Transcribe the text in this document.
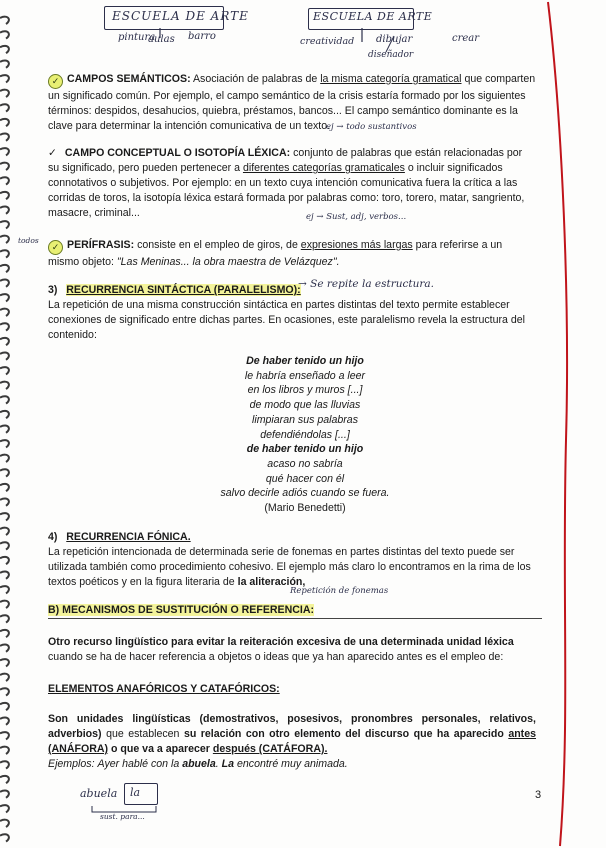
ESCUELA DE ARTE	ESCUELA DE ARTE
pintura
aulas barro	creatividad dibujar	crear
diseñador
✓ CAMPOS SEMÁNTICOS: Asociación de palabras de la misma categoría gramatical que comparten un significado común. Por ejemplo, el campo semántico de la crisis estaría formado por los siguientes términos: despidos, desahucios, quiebra, préstamos, bancos... El campo semántico dominante es la clave para determinar la intención comunicativa de un texto.
ej → todo sustantivos
✓ CAMPO CONCEPTUAL O ISOTOPÍA LÉXICA: conjunto de palabras que están relacionadas por su significado, pero pueden pertenecer a diferentes categorías gramaticales o incluir significados connotativos o subjetivos. Por ejemplo: en un texto cuya intención comunicativa fuera la crítica a las corridas de toros, la isotopía léxica estará formada por palabras como: toro, torero, matar, sangriento, masacre, criminal...	ej → Sust, adj, verbos...
todos
✓ PERÍFRASIS: consiste en el empleo de giros, de expresiones más largas para referirse a un mismo objeto: "Las Meninas... la obra maestra de Velázquez".
3) RECURRENCIA SINTÁCTICA (PARALELISMO):
→ Se repite la estructura.
La repetición de una misma construcción sintáctica en partes distintas del texto permite establecer conexiones de significado entre dichas partes. En ocasiones, este paralelismo revela la estructura del contenido:
De haber tenido un hijo
le habría enseñado a leer
en los libros y muros [...]
de modo que las lluvias
limpiaran sus palabras
defendiéndolas [...]
de haber tenido un hijo
acaso no sabría
qué hacer con él
salvo decirle adiós cuando se fuera.
(Mario Benedetti)
4) RECURRENCIA FÓNICA.
La repetición intencionada de determinada serie de fonemas en partes distintas del texto puede ser utilizada también como procedimiento cohesivo. El ejemplo más claro lo encontramos en la rima de los textos poéticos y en la figura literaria de la aliteración,
Repetición de fonemas
B) MECANISMOS DE SUSTITUCIÓN O REFERENCIA:
Otro recurso lingüístico para evitar la reiteración excesiva de una determinada unidad léxica cuando se ha de hacer referencia a objetos o ideas que ya han aparecido antes es el empleo de:
ELEMENTOS ANAFÓRICOS Y CATAFÓRICOS:
Son unidades lingüísticas (demostrativos, posesivos, pronombres personales, relativos, adverbios) que establecen su relación con otro elemento del discurso que ha aparecido antes (ANÁFORA) o que va a aparecer después (CATÁFORA).
Ejemplos: Ayer hablé con la abuela. La encontré muy animada.
abuela la
sust. para...
3
